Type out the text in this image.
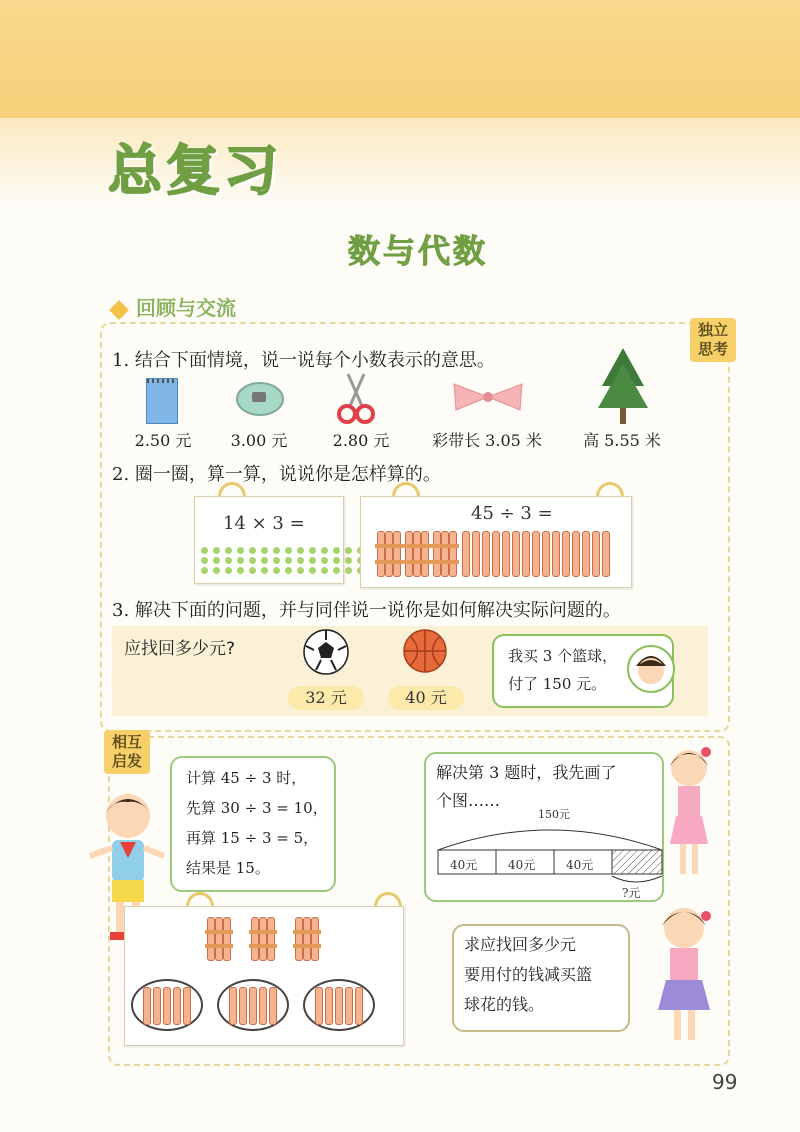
总复习
数与代数
回顾与交流
独立思考
1. 结合下面情境，说一说每个小数表示的意思。
2.50 元	3.00 元	2.80 元	彩带长 3.05 米	高 5.55 米
2. 圈一圈，算一算，说说你是怎样算的。
14 × 3 =	45 ÷ 3 =
3. 解决下面的问题，并与同伴说一说你是如何解决实际问题的。
应找回多少元?
32 元	40 元
我买 3 个篮球，
付了 150 元。
相互启发
计算 45 ÷ 3 时，
先算 30 ÷ 3 = 10，
再算 15 ÷ 3 = 5，
结果是 15。
解决第 3 题时，我先画了
个图……
150元
40元	40元	40元
?元
求应找回多少元
要用付的钱减买篮
球花的钱。
99
